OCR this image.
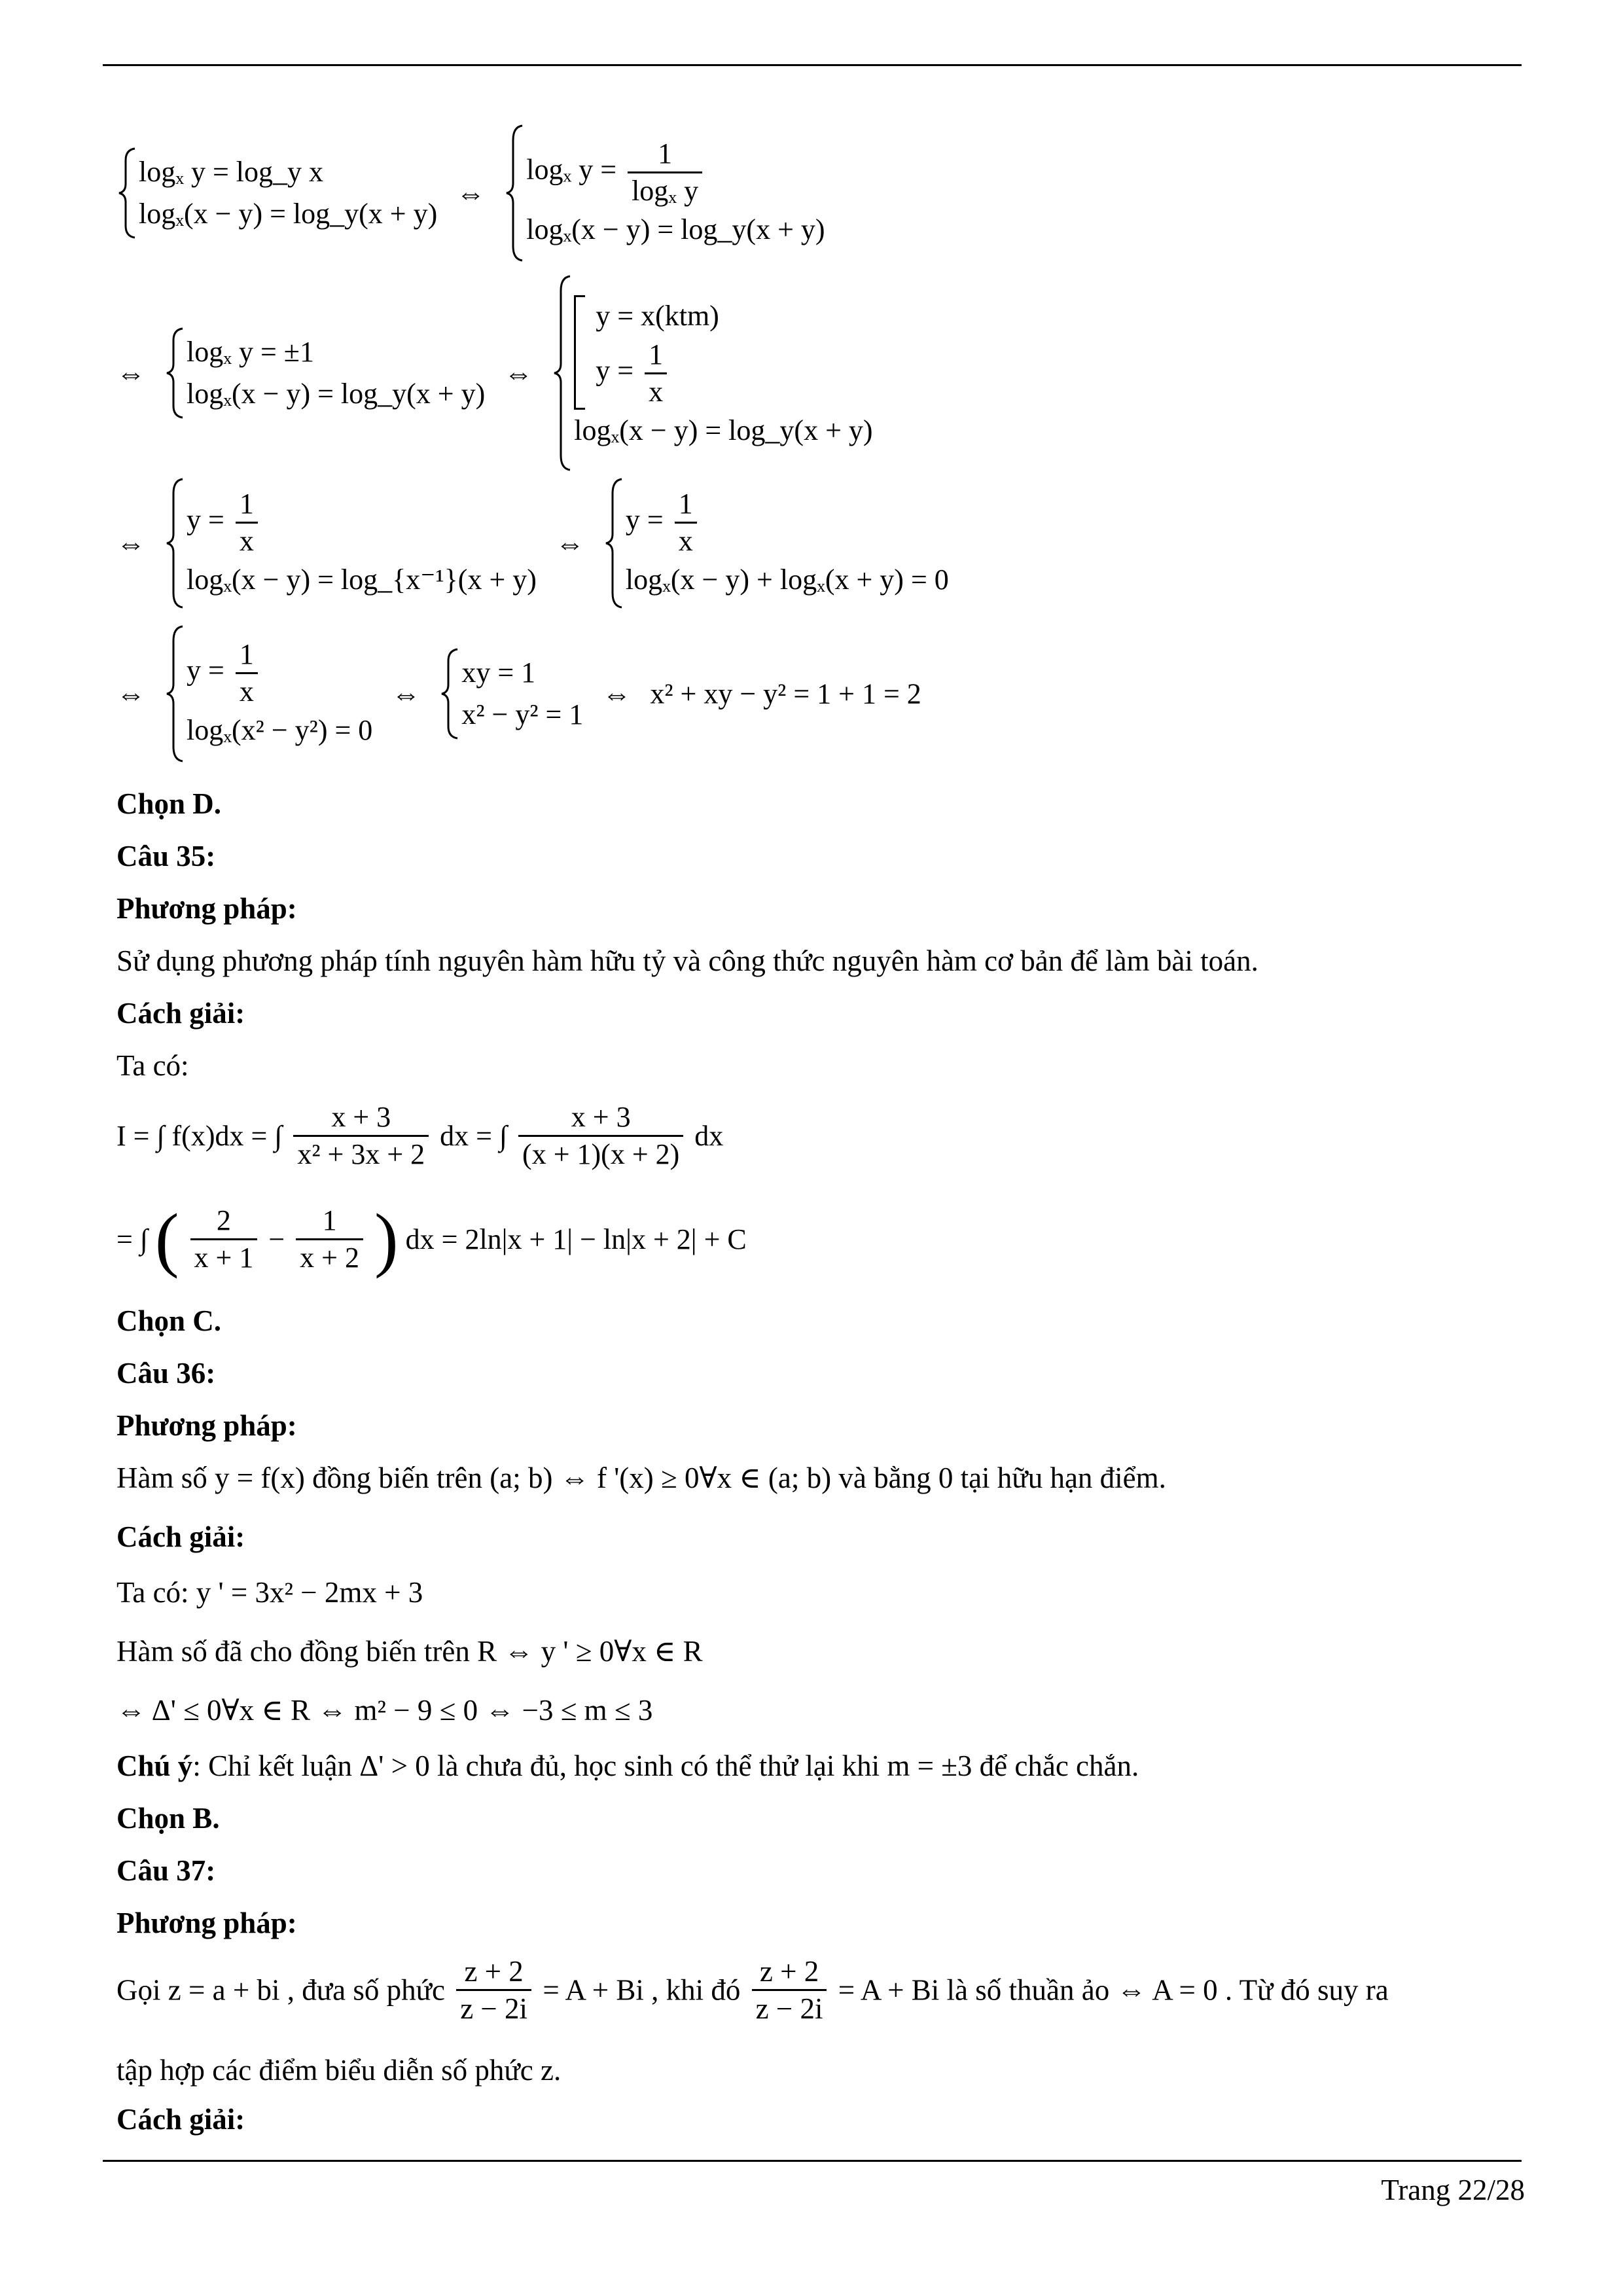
logₓ y = log_y x
logₓ(x − y) = log_y(x + y)
⇔
logₓ $y = \frac{1}{\text{logₓ y}}$
logₓ(x − y) = log_y(x + y)
⇔
logₓ y = ±1
logₓ(x − y) = log_y(x + y)
⇔
y = x(ktm)
$y = \frac{1}{x}$
logₓ(x − y) = log_y(x + y)
⇔
$y = \frac{1}{x}$
logₓ(x − y) = log_{x⁻¹}(x + y)
⇔
$y = \frac{1}{x}$
logₓ(x − y) + logₓ(x + y) = 0
⇔
$y = \frac{1}{x}$
logₓ(x² − y²) = 0
⇔
xy = 1
x² − y² = 1
⇔ x² + xy − y² = 1 + 1 = 2
Chọn D.
Câu 35:
Phương pháp:
Sử dụng phương pháp tính nguyên hàm hữu tỷ và công thức nguyên hàm cơ bản để làm bài toán.
Cách giải:
Ta có:
I = ∫ f(x)dx = ∫ $\frac{x + 3}{\text{x² + 3x + 2}}$ dx = ∫ $\frac{x + 3}{(x + 1)(x + 2)}$ dx
= ∫ ( $\frac{2}{x + 1} - \frac{1}{x + 2}$ ) dx = 2ln|x + 1| − ln|x + 2| + C
Chọn C.
Câu 36:
Phương pháp:
Hàm số y = f(x) đồng biến trên (a; b) ⇔ f '(x) ≥ 0∀x ∈ (a; b) và bằng 0 tại hữu hạn điểm.
Cách giải:
Ta có: y ' = 3x² − 2mx + 3
Hàm số đã cho đồng biến trên R ⇔ y ' ≥ 0∀x ∈ R
⇔ Δ' ≤ 0∀x ∈ R ⇔ m² − 9 ≤ 0 ⇔ −3 ≤ m ≤ 3
Chú ý: Chỉ kết luận Δ' > 0 là chưa đủ, học sinh có thể thử lại khi m = ±3 để chắc chắn.
Chọn B.
Câu 37:
Phương pháp:
Gọi z = a + bi , đưa số phức $\frac{z + 2}{z - 2i} = A + Bi$ , khi đó $\frac{z + 2}{z - 2i} = A + Bi$ là số thuần ảo ⇔ A = 0 . Từ đó suy ra
tập hợp các điểm biểu diễn số phức z.
Cách giải:
Trang 22/28
